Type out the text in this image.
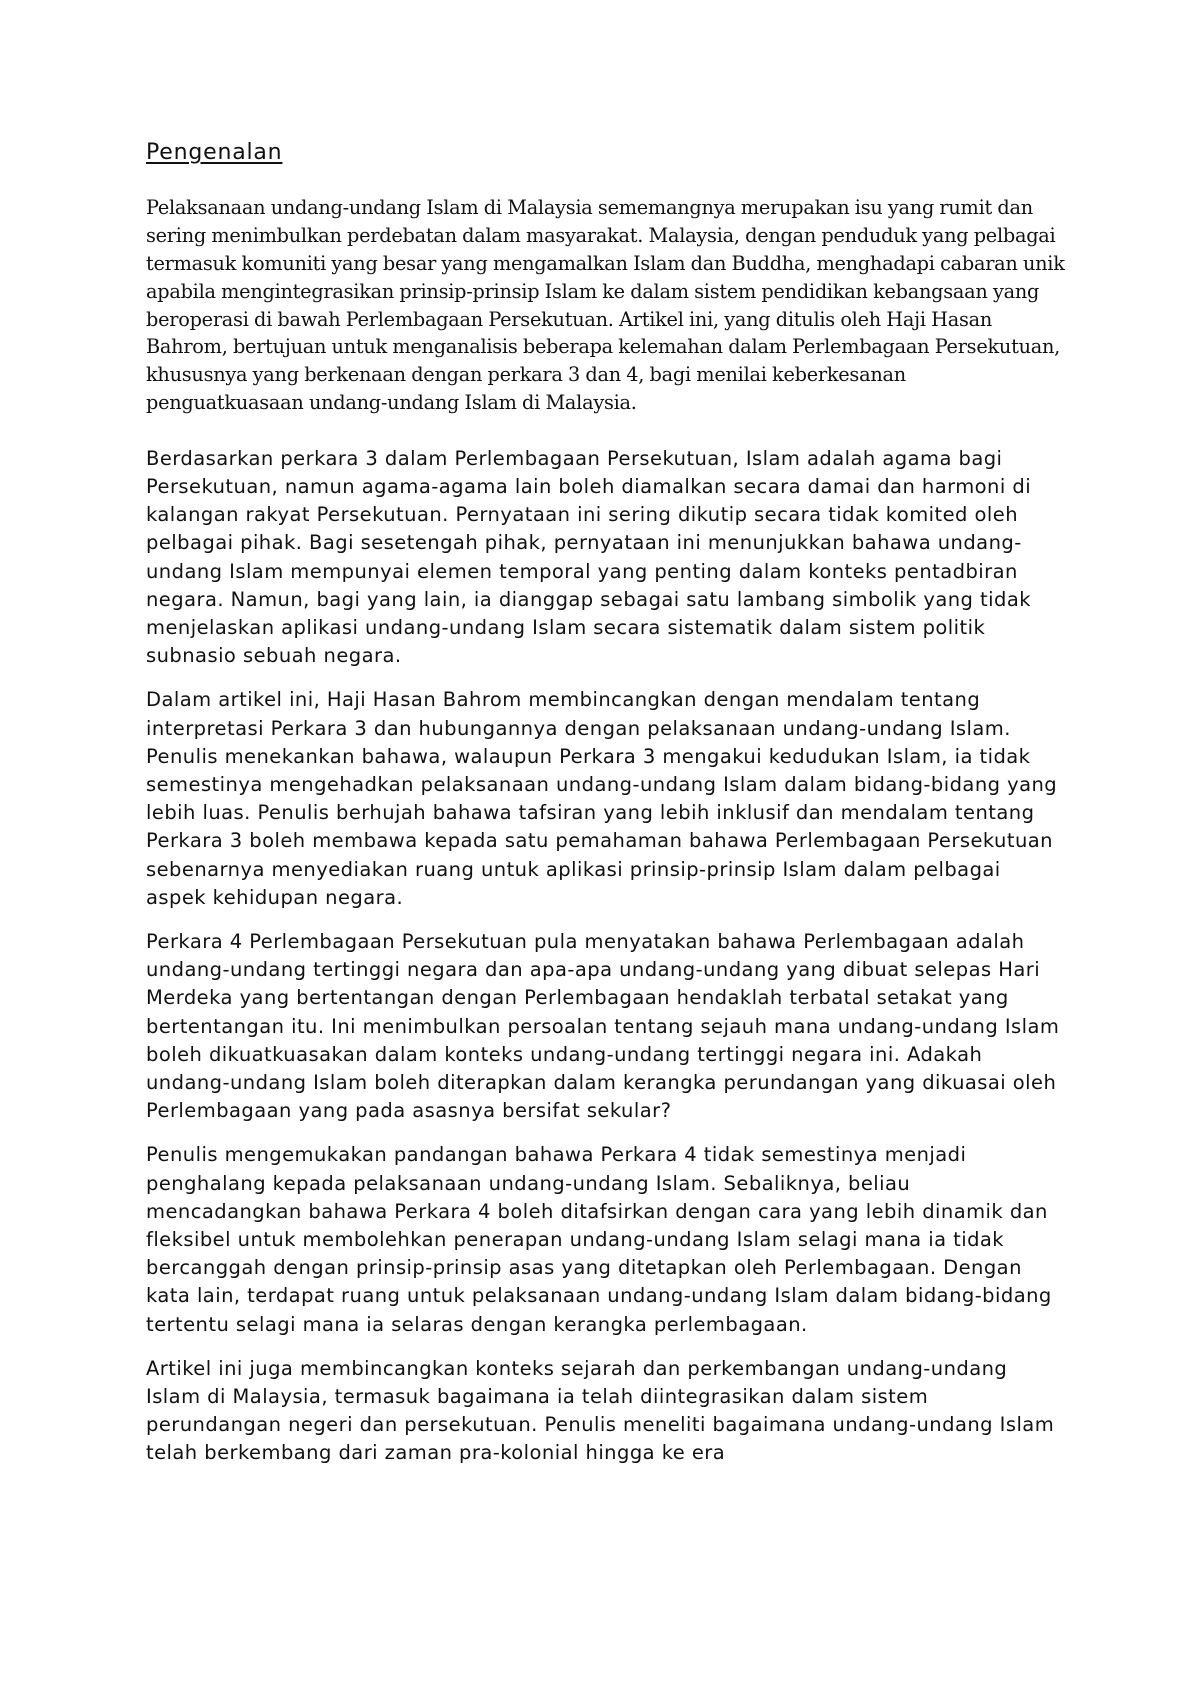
Pengenalan

Pelaksanaan undang-undang Islam di Malaysia sememangnya merupakan isu yang rumit dan sering menimbulkan perdebatan dalam masyarakat. Malaysia, dengan penduduk yang pelbagai termasuk komuniti yang besar yang mengamalkan Islam dan Buddha, menghadapi cabaran unik apabila mengintegrasikan prinsip-prinsip Islam ke dalam sistem pendidikan kebangsaan yang beroperasi di bawah Perlembagaan Persekutuan. Artikel ini, yang ditulis oleh Haji Hasan Bahrom, bertujuan untuk menganalisis beberapa kelemahan dalam Perlembagaan Persekutuan, khususnya yang berkenaan dengan perkara 3 dan 4, bagi menilai keberkesanan penguatkuasaan undang-undang Islam di Malaysia.

Berdasarkan perkara 3 dalam Perlembagaan Persekutuan, Islam adalah agama bagi Persekutuan, namun agama-agama lain boleh diamalkan secara damai dan harmoni di kalangan rakyat Persekutuan. Pernyataan ini sering dikutip secara tidak komited oleh pelbagai pihak. Bagi sesetengah pihak, pernyataan ini menunjukkan bahawa undang-undang Islam mempunyai elemen temporal yang penting dalam konteks pentadbiran negara. Namun, bagi yang lain, ia dianggap sebagai satu lambang simbolik yang tidak menjelaskan aplikasi undang-undang Islam secara sistematik dalam sistem politik subnasio sebuah negara.

Dalam artikel ini, Haji Hasan Bahrom membincangkan dengan mendalam tentang interpretasi Perkara 3 dan hubungannya dengan pelaksanaan undang-undang Islam. Penulis menekankan bahawa, walaupun Perkara 3 mengakui kedudukan Islam, ia tidak semestinya mengehadkan pelaksanaan undang-undang Islam dalam bidang-bidang yang lebih luas. Penulis berhujah bahawa tafsiran yang lebih inklusif dan mendalam tentang Perkara 3 boleh membawa kepada satu pemahaman bahawa Perlembagaan Persekutuan sebenarnya menyediakan ruang untuk aplikasi prinsip-prinsip Islam dalam pelbagai aspek kehidupan negara.

Perkara 4 Perlembagaan Persekutuan pula menyatakan bahawa Perlembagaan adalah undang-undang tertinggi negara dan apa-apa undang-undang yang dibuat selepas Hari Merdeka yang bertentangan dengan Perlembagaan hendaklah terbatal setakat yang bertentangan itu. Ini menimbulkan persoalan tentang sejauh mana undang-undang Islam boleh dikuatkuasakan dalam konteks undang-undang tertinggi negara ini. Adakah undang-undang Islam boleh diterapkan dalam kerangka perundangan yang dikuasai oleh Perlembagaan yang pada asasnya bersifat sekular?

Penulis mengemukakan pandangan bahawa Perkara 4 tidak semestinya menjadi penghalang kepada pelaksanaan undang-undang Islam. Sebaliknya, beliau mencadangkan bahawa Perkara 4 boleh ditafsirkan dengan cara yang lebih dinamik dan fleksibel untuk membolehkan penerapan undang-undang Islam selagi mana ia tidak bercanggah dengan prinsip-prinsip asas yang ditetapkan oleh Perlembagaan. Dengan kata lain, terdapat ruang untuk pelaksanaan undang-undang Islam dalam bidang-bidang tertentu selagi mana ia selaras dengan kerangka perlembagaan.

Artikel ini juga membincangkan konteks sejarah dan perkembangan undang-undang Islam di Malaysia, termasuk bagaimana ia telah diintegrasikan dalam sistem perundangan negeri dan persekutuan. Penulis meneliti bagaimana undang-undang Islam telah berkembang dari zaman pra-kolonial hingga ke era
